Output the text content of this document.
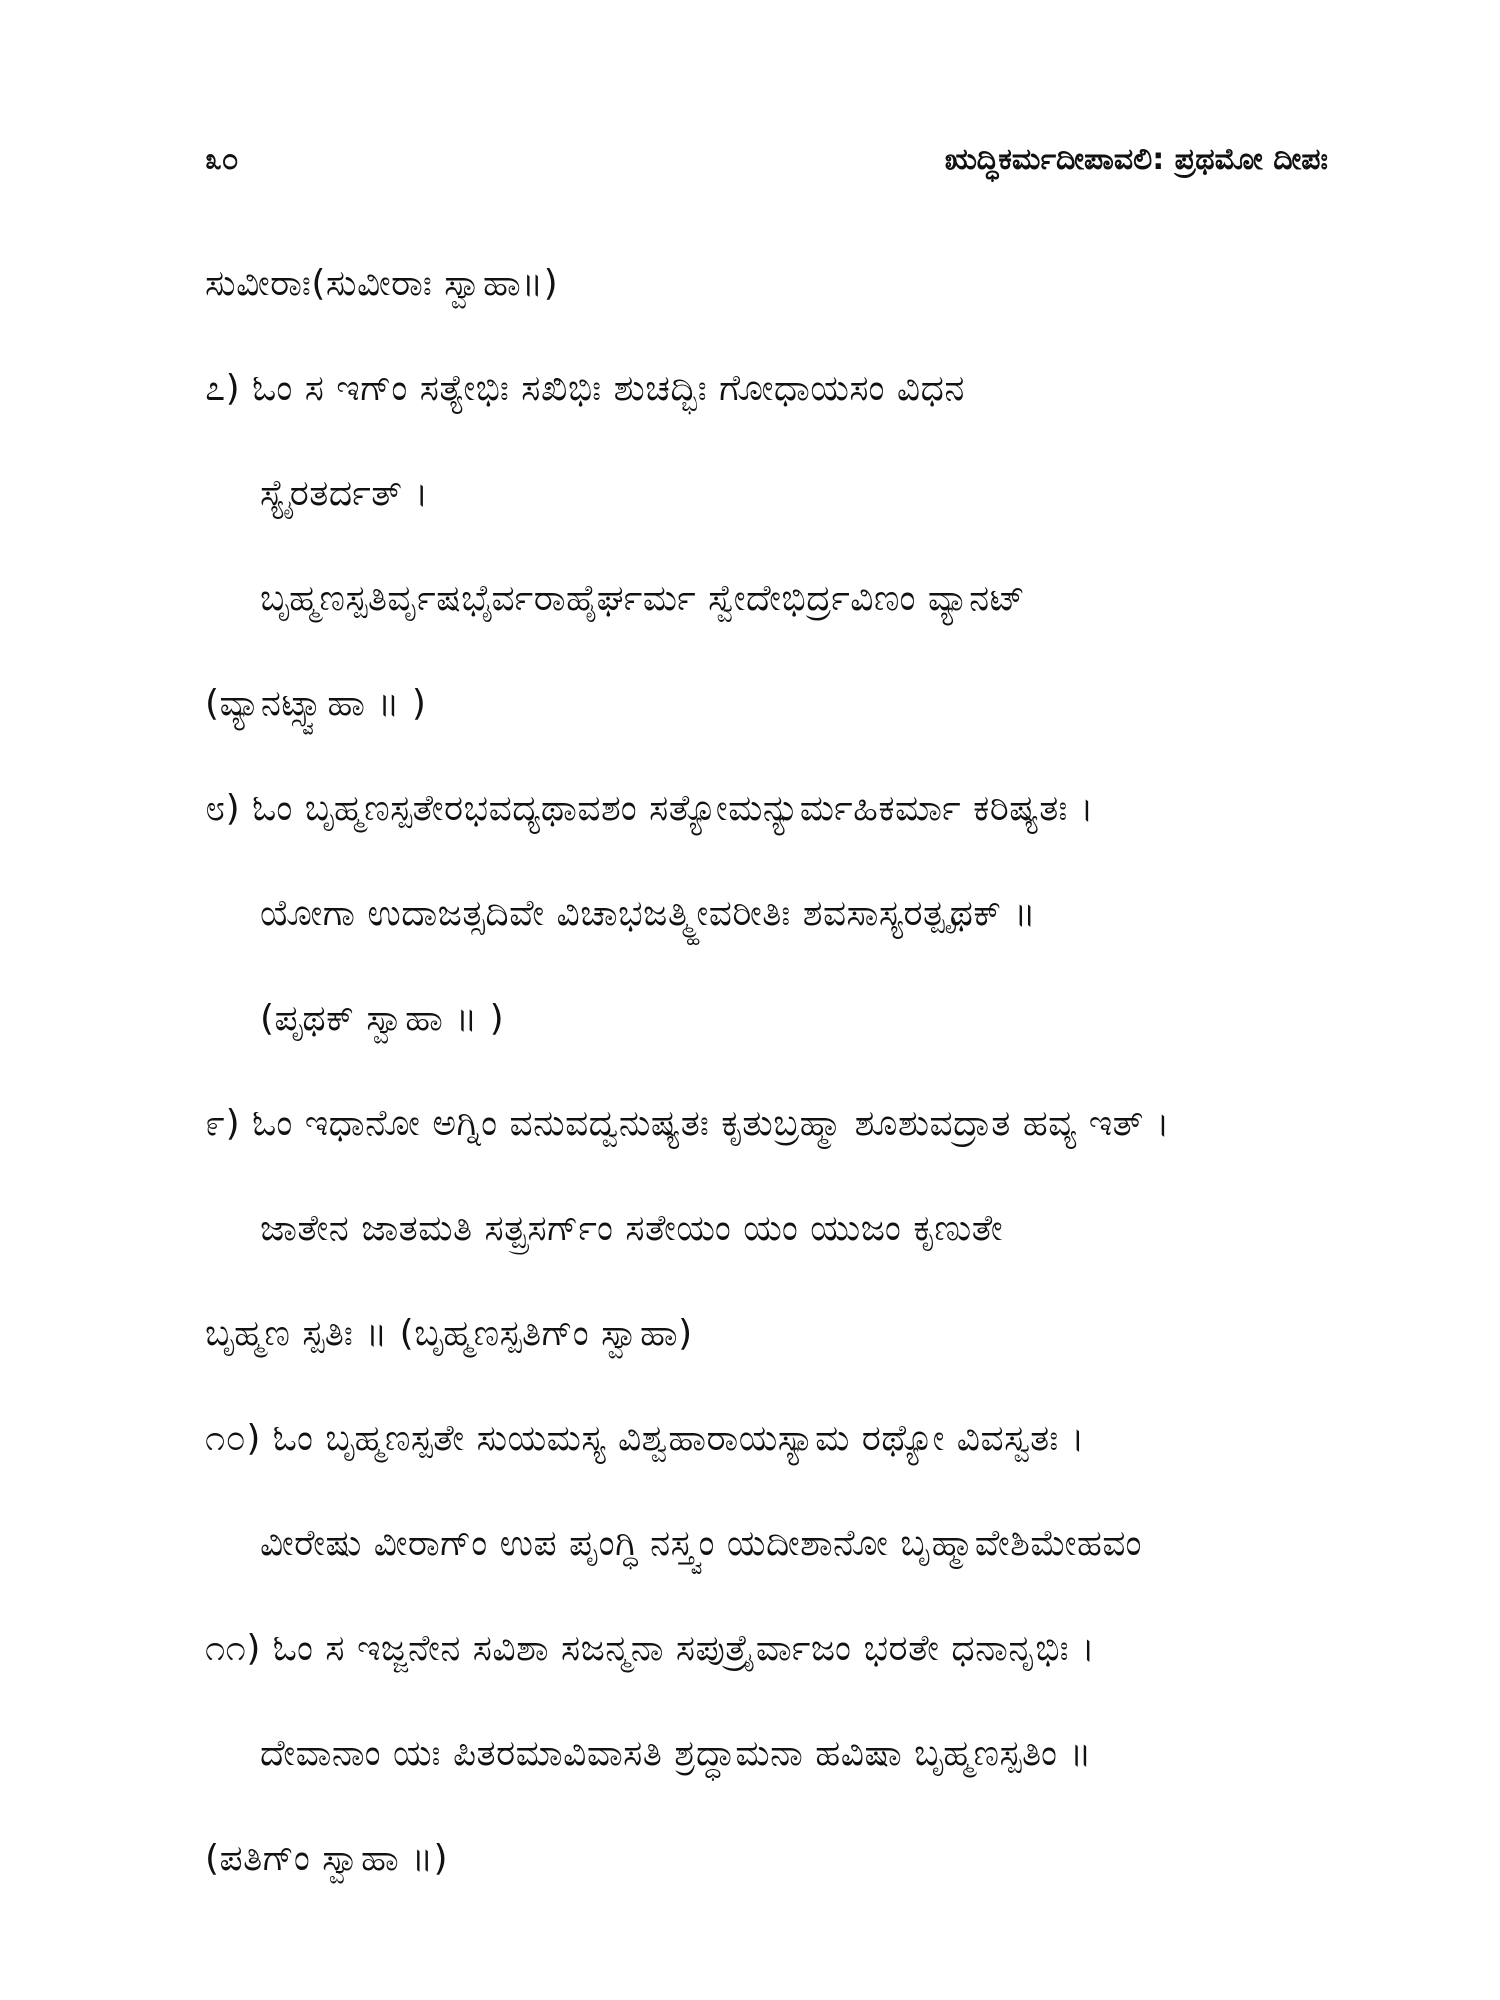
೩೦	ಋದ್ಧಿಕರ್ಮದೀಪಾವಲಿ: ಪ್ರಥಮೋ ದೀಪಃ
ಸುವೀರಾಃ(ಸುವೀರಾಃ ಸ್ವಾಹಾ॥)
೭) ಓಂ ಸ ಇಗ್ಂ ಸತ್ಯೇಭಿಃ ಸಖಿಭಿಃ ಶುಚದ್ಭಿಃ ಗೋಧಾಯಸಂ ವಿಧನ
ಸ್ಯೈರತರ್ದತ್ ।
ಬೃಹ್ಮಣಸ್ಪತಿರ್ವೃಷಭೈರ್ವರಾಹೈರ್ಘರ್ಮ ಸ್ವೇದೇಭಿರ್ದ್ರವಿಣಂ ವ್ಯಾನಟ್
(ವ್ಯಾನಟ್ಸ್ವಾಹಾ ॥ )
೮) ಓಂ ಬೃಹ್ಮಣಸ್ಪತೇರಭವದ್ಯಥಾವಶಂ ಸತ್ಯೋಮನ್ಯುರ್ಮಹಿಕರ್ಮಾ ಕರಿಷ್ಯತಃ ।
ಯೋಗಾ ಉದಾಜತ್ಸದಿವೇ ವಿಚಾಭಜತ್ಮ್ಹೀವರೀತಿಃ ಶವಸಾಸ್ಯರತ್ಪೃಥಕ್ ॥
(ಪೃಥಕ್ ಸ್ವಾಹಾ ॥ )
೯) ಓಂ ಇಧಾನೋ ಅಗ್ನಿಂ ವನುವದ್ವನುಷ್ಯತಃ ಕೃತುಬ್ರಹ್ಮಾ ಶೂಶುವದ್ರಾತ ಹವ್ಯ ಇತ್ ।
ಜಾತೇನ ಜಾತಮತಿ ಸತ್ಪ್ರಸರ್ಗ್ಂ ಸತೇಯಂ ಯಂ ಯುಜಂ ಕೃಣುತೇ
ಬೃಹ್ಮಣ ಸ್ಪತಿಃ ॥ (ಬೃಹ್ಮಣಸ್ಪತಿಗ್ಂ ಸ್ವಾಹಾ)
೧೦) ಓಂ ಬೃಹ್ಮಣಸ್ಪತೇ ಸುಯಮಸ್ಯ ವಿಶ್ವಹಾರಾಯಸ್ಯಾಮ ರಥ್ಯೋ ವಿವಸ್ವತಃ ।
ವೀರೇಷು ವೀರಾಗ್ಂ ಉಪ ಪೃಂಗ್ಧಿ ನಸ್ತ್ವಂ ಯದೀಶಾನೋ ಬೃಹ್ಮಾವೇಶಿಮೇಹವಂ
೧೧) ಓಂ ಸ ಇಜ್ಜನೇನ ಸವಿಶಾ ಸಜನ್ಮನಾ ಸಪುತ್ರೈರ್ವಾಜಂ ಭರತೇ ಧನಾನೃಭಿಃ ।
ದೇವಾನಾಂ ಯಃ ಪಿತರಮಾವಿವಾಸತಿ ಶ್ರದ್ಧಾಮನಾ ಹವಿಷಾ ಬೃಹ್ಮಣಸ್ಪತಿಂ ॥
(ಪತಿಗ್ಂ ಸ್ವಾಹಾ ॥)
